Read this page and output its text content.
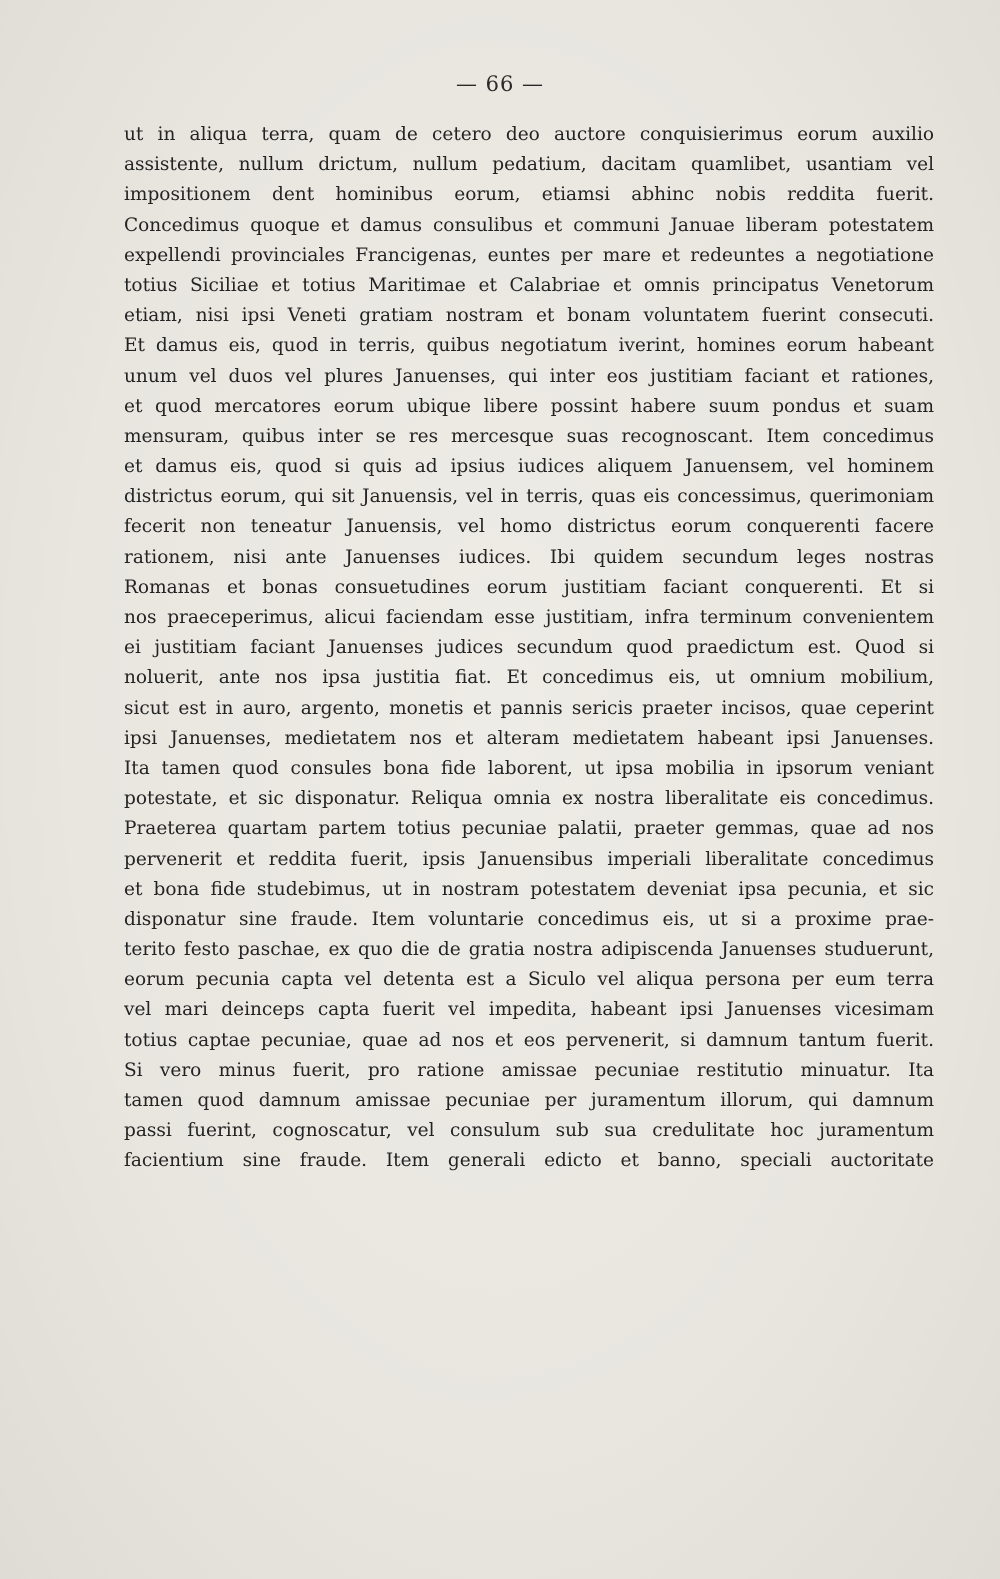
— 66 —
ut in aliqua terra, quam de cetero deo auctore conquisierimus eorum auxilio
assistente, nullum drictum, nullum pedatium, dacitam quamlibet, usantiam vel
impositionem dent hominibus eorum, etiamsi abhinc nobis reddita fuerit.
Concedimus quoque et damus consulibus et communi Januae liberam potestatem
expellendi provinciales Francigenas, euntes per mare et redeuntes a negotiatione
totius Siciliae et totius Maritimae et Calabriae et omnis principatus Venetorum
etiam, nisi ipsi Veneti gratiam nostram et bonam voluntatem fuerint consecuti.
Et damus eis, quod in terris, quibus negotiatum iverint, homines eorum habeant
unum vel duos vel plures Januenses, qui inter eos justitiam faciant et rationes,
et quod mercatores eorum ubique libere possint habere suum pondus et suam
mensuram, quibus inter se res mercesque suas recognoscant. Item concedimus
et damus eis, quod si quis ad ipsius iudices aliquem Januensem, vel hominem
districtus eorum, qui sit Januensis, vel in terris, quas eis concessimus, querimoniam
fecerit non teneatur Januensis, vel homo districtus eorum conquerenti facere
rationem, nisi ante Januenses iudices. Ibi quidem secundum leges nostras
Romanas et bonas consuetudines eorum justitiam faciant conquerenti. Et si
nos praeceperimus, alicui faciendam esse justitiam, infra terminum convenientem
ei justitiam faciant Januenses judices secundum quod praedictum est. Quod si
noluerit, ante nos ipsa justitia fiat. Et concedimus eis, ut omnium mobilium,
sicut est in auro, argento, monetis et pannis sericis praeter incisos, quae ceperint
ipsi Januenses, medietatem nos et alteram medietatem habeant ipsi Januenses.
Ita tamen quod consules bona fide laborent, ut ipsa mobilia in ipsorum veniant
potestate, et sic disponatur. Reliqua omnia ex nostra liberalitate eis concedimus.
Praeterea quartam partem totius pecuniae palatii, praeter gemmas, quae ad nos
pervenerit et reddita fuerit, ipsis Januensibus imperiali liberalitate concedimus
et bona fide studebimus, ut in nostram potestatem deveniat ipsa pecunia, et sic
disponatur sine fraude. Item voluntarie concedimus eis, ut si a proxime prae-
terito festo paschae, ex quo die de gratia nostra adipiscenda Januenses studuerunt,
eorum pecunia capta vel detenta est a Siculo vel aliqua persona per eum terra
vel mari deinceps capta fuerit vel impedita, habeant ipsi Januenses vicesimam
totius captae pecuniae, quae ad nos et eos pervenerit, si damnum tantum fuerit.
Si vero minus fuerit, pro ratione amissae pecuniae restitutio minuatur. Ita
tamen quod damnum amissae pecuniae per juramentum illorum, qui damnum
passi fuerint, cognoscatur, vel consulum sub sua credulitate hoc juramentum
facientium sine fraude. Item generali edicto et banno, speciali auctoritate
